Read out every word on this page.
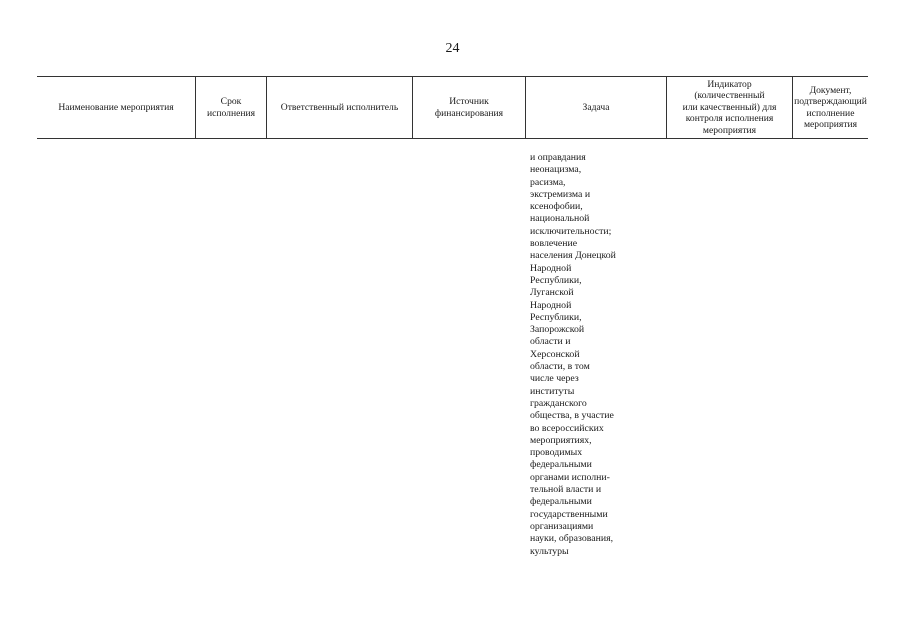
24
Наименование мероприятия
Срок
исполнения
Ответственный исполнитель
Источник
финансирования
Задача
Индикатор
(количественный
или качественный) для
контроля исполнения
мероприятия
Документ,
подтверждающий
исполнение
мероприятия
и оправдания
неонацизма,
расизма,
экстремизма и
ксенофобии,
национальной
исключительности;
вовлечение
населения Донецкой
Народной
Республики,
Луганской
Народной
Республики,
Запорожской
области и
Херсонской
области, в том
числе через
институты
гражданского
общества, в участие
во всероссийских
мероприятиях,
проводимых
федеральными
органами исполни-
тельной власти и
федеральными
государственными
организациями
науки, образования,
культуры
